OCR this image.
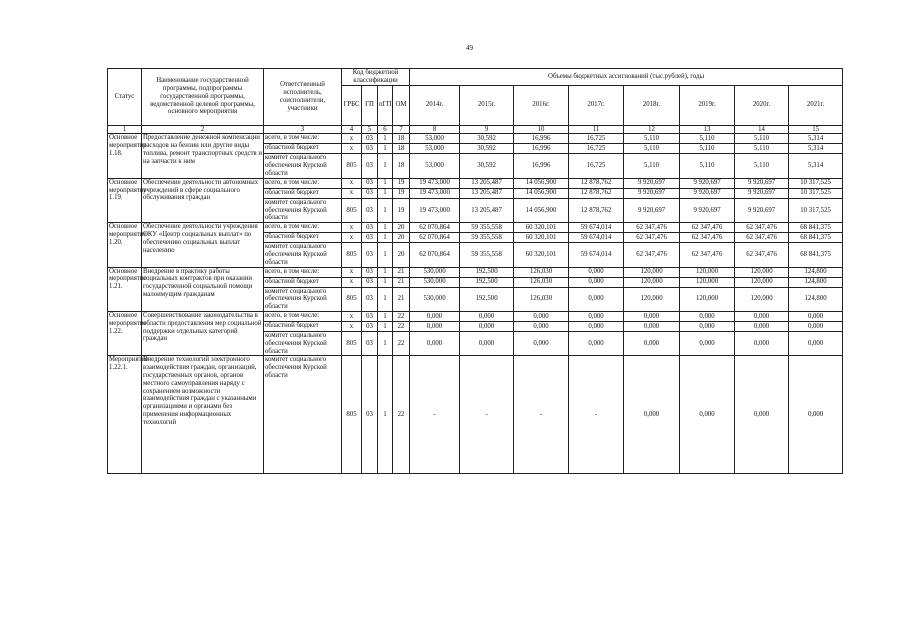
49
Статус	Наименование государственной программы, подпрограммы государственной программы, ведомственной целевой программы, основного мероприятия	Ответственный исполнитель, соисполнители, участники	Код бюджетной классификации				Объемы бюджетных ассигнований (тыс.рублей), годы							
			ГРБС	ГП	пГП	ОМ	2014г.	2015г.	2016г.	2017г.	2018г.	2019г.	2020г.	2021г.
1	2	3	4	5	6	7	8	9	10	11	12	13	14	15
Основное мероприятие 1.18.	Предоставление денежной компенсации расходов на бензин или другие виды топлива, ремонт транспортных средств и на запчасти к ним	всего, в том числе:	x	03	1	18	53,000	30,592	16,996	16,725	5,110	5,110	5,110	5,314
		областной бюджет	x	03	1	18	53,000	30,592	16,996	16,725	5,110	5,110	5,110	5,314
		комитет социального обеспечения Курской области	805	03	1	18	53,000	30,592	16,996	16,725	5,110	5,110	5,110	5,314
Основное мероприятие 1.19.	Обеспечение деятельности автономных учреждений в сфере социального обслуживания граждан	всего, в том числе:	x	03	1	19	19 473,000	13 205,487	14 056,900	12 878,762	9 920,697	9 920,697	9 920,697	10 317,525
		областной бюджет	x	03	1	19	19 473,000	13 205,487	14 056,900	12 878,762	9 920,697	9 920,697	9 920,697	10 317,525
		комитет социального обеспечения Курской области	805	03	1	19	19 473,000	13 205,487	14 056,900	12 878,762	9 920,697	9 920,697	9 920,697	10 317,525
Основное мероприятие 1.20.	Обеспечение деятельности учреждения ОКУ «Центр социальных выплат» по обеспечению социальных выплат населению	всего, в том числе:	x	03	1	20	62 070,864	59 355,558	60 320,101	59 674,014	62 347,476	62 347,476	62 347,476	68 841,375
		областной бюджет	x	03	1	20	62 070,864	59 355,558	60 320,101	59 674,014	62 347,476	62 347,476	62 347,476	68 841,375
		комитет социального обеспечения Курской области	805	03	1	20	62 070,864	59 355,558	60 320,101	59 674,014	62 347,476	62 347,476	62 347,476	68 841,375
Основное мероприятие 1.21.	Внедрение в практику работы социальных контрактов при оказании государственной социальной помощи малоимущим гражданам	всего, в том числе:	x	03	1	21	530,000	192,500	126,030	0,000	120,000	120,000	120,000	124,800
		областной бюджет	x	03	1	21	530,000	192,500	126,030	0,000	120,000	120,000	120,000	124,800
		комитет социального обеспечения Курской области	805	03	1	21	530,000	192,500	126,030	0,000	120,000	120,000	120,000	124,800
Основное мероприятие 1.22.	Совершенствование законодательства в области предоставления мер социальной поддержки отдельных категорий граждан	всего, в том числе:	x	03	1	22	0,000	0,000	0,000	0,000	0,000	0,000	0,000	0,000
		областной бюджет	x	03	1	22	0,000	0,000	0,000	0,000	0,000	0,000	0,000	0,000
		комитет социального обеспечения Курской области	805	03	1	22	0,000	0,000	0,000	0,000	0,000	0,000	0,000	0,000
Мероприятие 1.22.1.	Внедрение технологий электронного взаимодействия граждан, организаций, государственных органов, органов местного самоуправления наряду с сохранением возможности взаимодействия граждан с указанными организациями и органами без применения информационных технологий	комитет социального обеспечения Курской области	805	03	1	22	-	-	-	-	0,000	0,000	0,000	0,000
